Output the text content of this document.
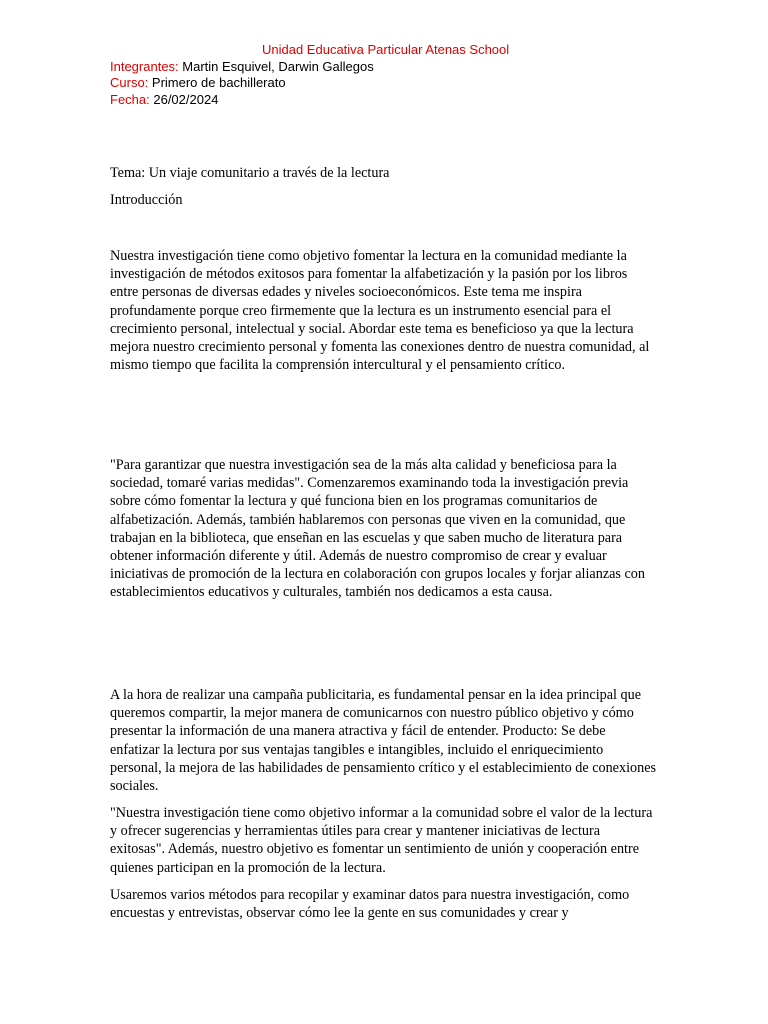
Unidad Educativa Particular Atenas School
Integrantes: Martin Esquivel, Darwin Gallegos
Curso: Primero de bachillerato
Fecha: 26/02/2024

Tema: Un viaje comunitario a través de la lectura

Introducción

Nuestra investigación tiene como objetivo fomentar la lectura en la comunidad mediante la investigación de métodos exitosos para fomentar la alfabetización y la pasión por los libros entre personas de diversas edades y niveles socioeconómicos. Este tema me inspira profundamente porque creo firmemente que la lectura es un instrumento esencial para el crecimiento personal, intelectual y social. Abordar este tema es beneficioso ya que la lectura mejora nuestro crecimiento personal y fomenta las conexiones dentro de nuestra comunidad, al mismo tiempo que facilita la comprensión intercultural y el pensamiento crítico.

"Para garantizar que nuestra investigación sea de la más alta calidad y beneficiosa para la sociedad, tomaré varias medidas". Comenzaremos examinando toda la investigación previa sobre cómo fomentar la lectura y qué funciona bien en los programas comunitarios de alfabetización. Además, también hablaremos con personas que viven en la comunidad, que trabajan en la biblioteca, que enseñan en las escuelas y que saben mucho de literatura para obtener información diferente y útil. Además de nuestro compromiso de crear y evaluar iniciativas de promoción de la lectura en colaboración con grupos locales y forjar alianzas con establecimientos educativos y culturales, también nos dedicamos a esta causa.

A la hora de realizar una campaña publicitaria, es fundamental pensar en la idea principal que queremos compartir, la mejor manera de comunicarnos con nuestro público objetivo y cómo presentar la información de una manera atractiva y fácil de entender. Producto: Se debe enfatizar la lectura por sus ventajas tangibles e intangibles, incluido el enriquecimiento personal, la mejora de las habilidades de pensamiento crítico y el establecimiento de conexiones sociales.

"Nuestra investigación tiene como objetivo informar a la comunidad sobre el valor de la lectura y ofrecer sugerencias y herramientas útiles para crear y mantener iniciativas de lectura exitosas". Además, nuestro objetivo es fomentar un sentimiento de unión y cooperación entre quienes participan en la promoción de la lectura.

Usaremos varios métodos para recopilar y examinar datos para nuestra investigación, como encuestas y entrevistas, observar cómo lee la gente en sus comunidades y crear y
